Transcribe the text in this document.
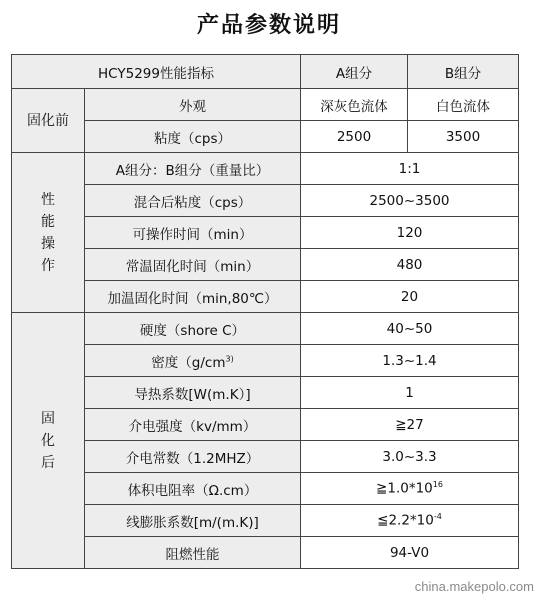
产品参数说明
HCY5299性能指标		A组分	B组分
固化前	外观	深灰色流体	白色流体
	粘度（cps）	2500	3500
性能操作	A组分：B组分（重量比）	1:1	
	混合后粘度（cps）	2500~3500	
	可操作时间（min）	120	
	常温固化时间（min）	480	
	加温固化时间（min,80℃）	20	
固化后	硬度（shore C）	40~50	
	密度（$g/cm^{3)}$	1.3~1.4	
	导热系数[W(m.K）]	1	
	介电强度（kv/mm）	≧27	
	介电常数（1.2MHZ）	3.0~3.3	
	体积电阻率（Ω.cm）	$≧1.0*10^{16}$
	线膨胀系数[m/(m.K)]	$≦2.2*10^{-4}$
	阻燃性能	94-V0	
china.makepolo.com
